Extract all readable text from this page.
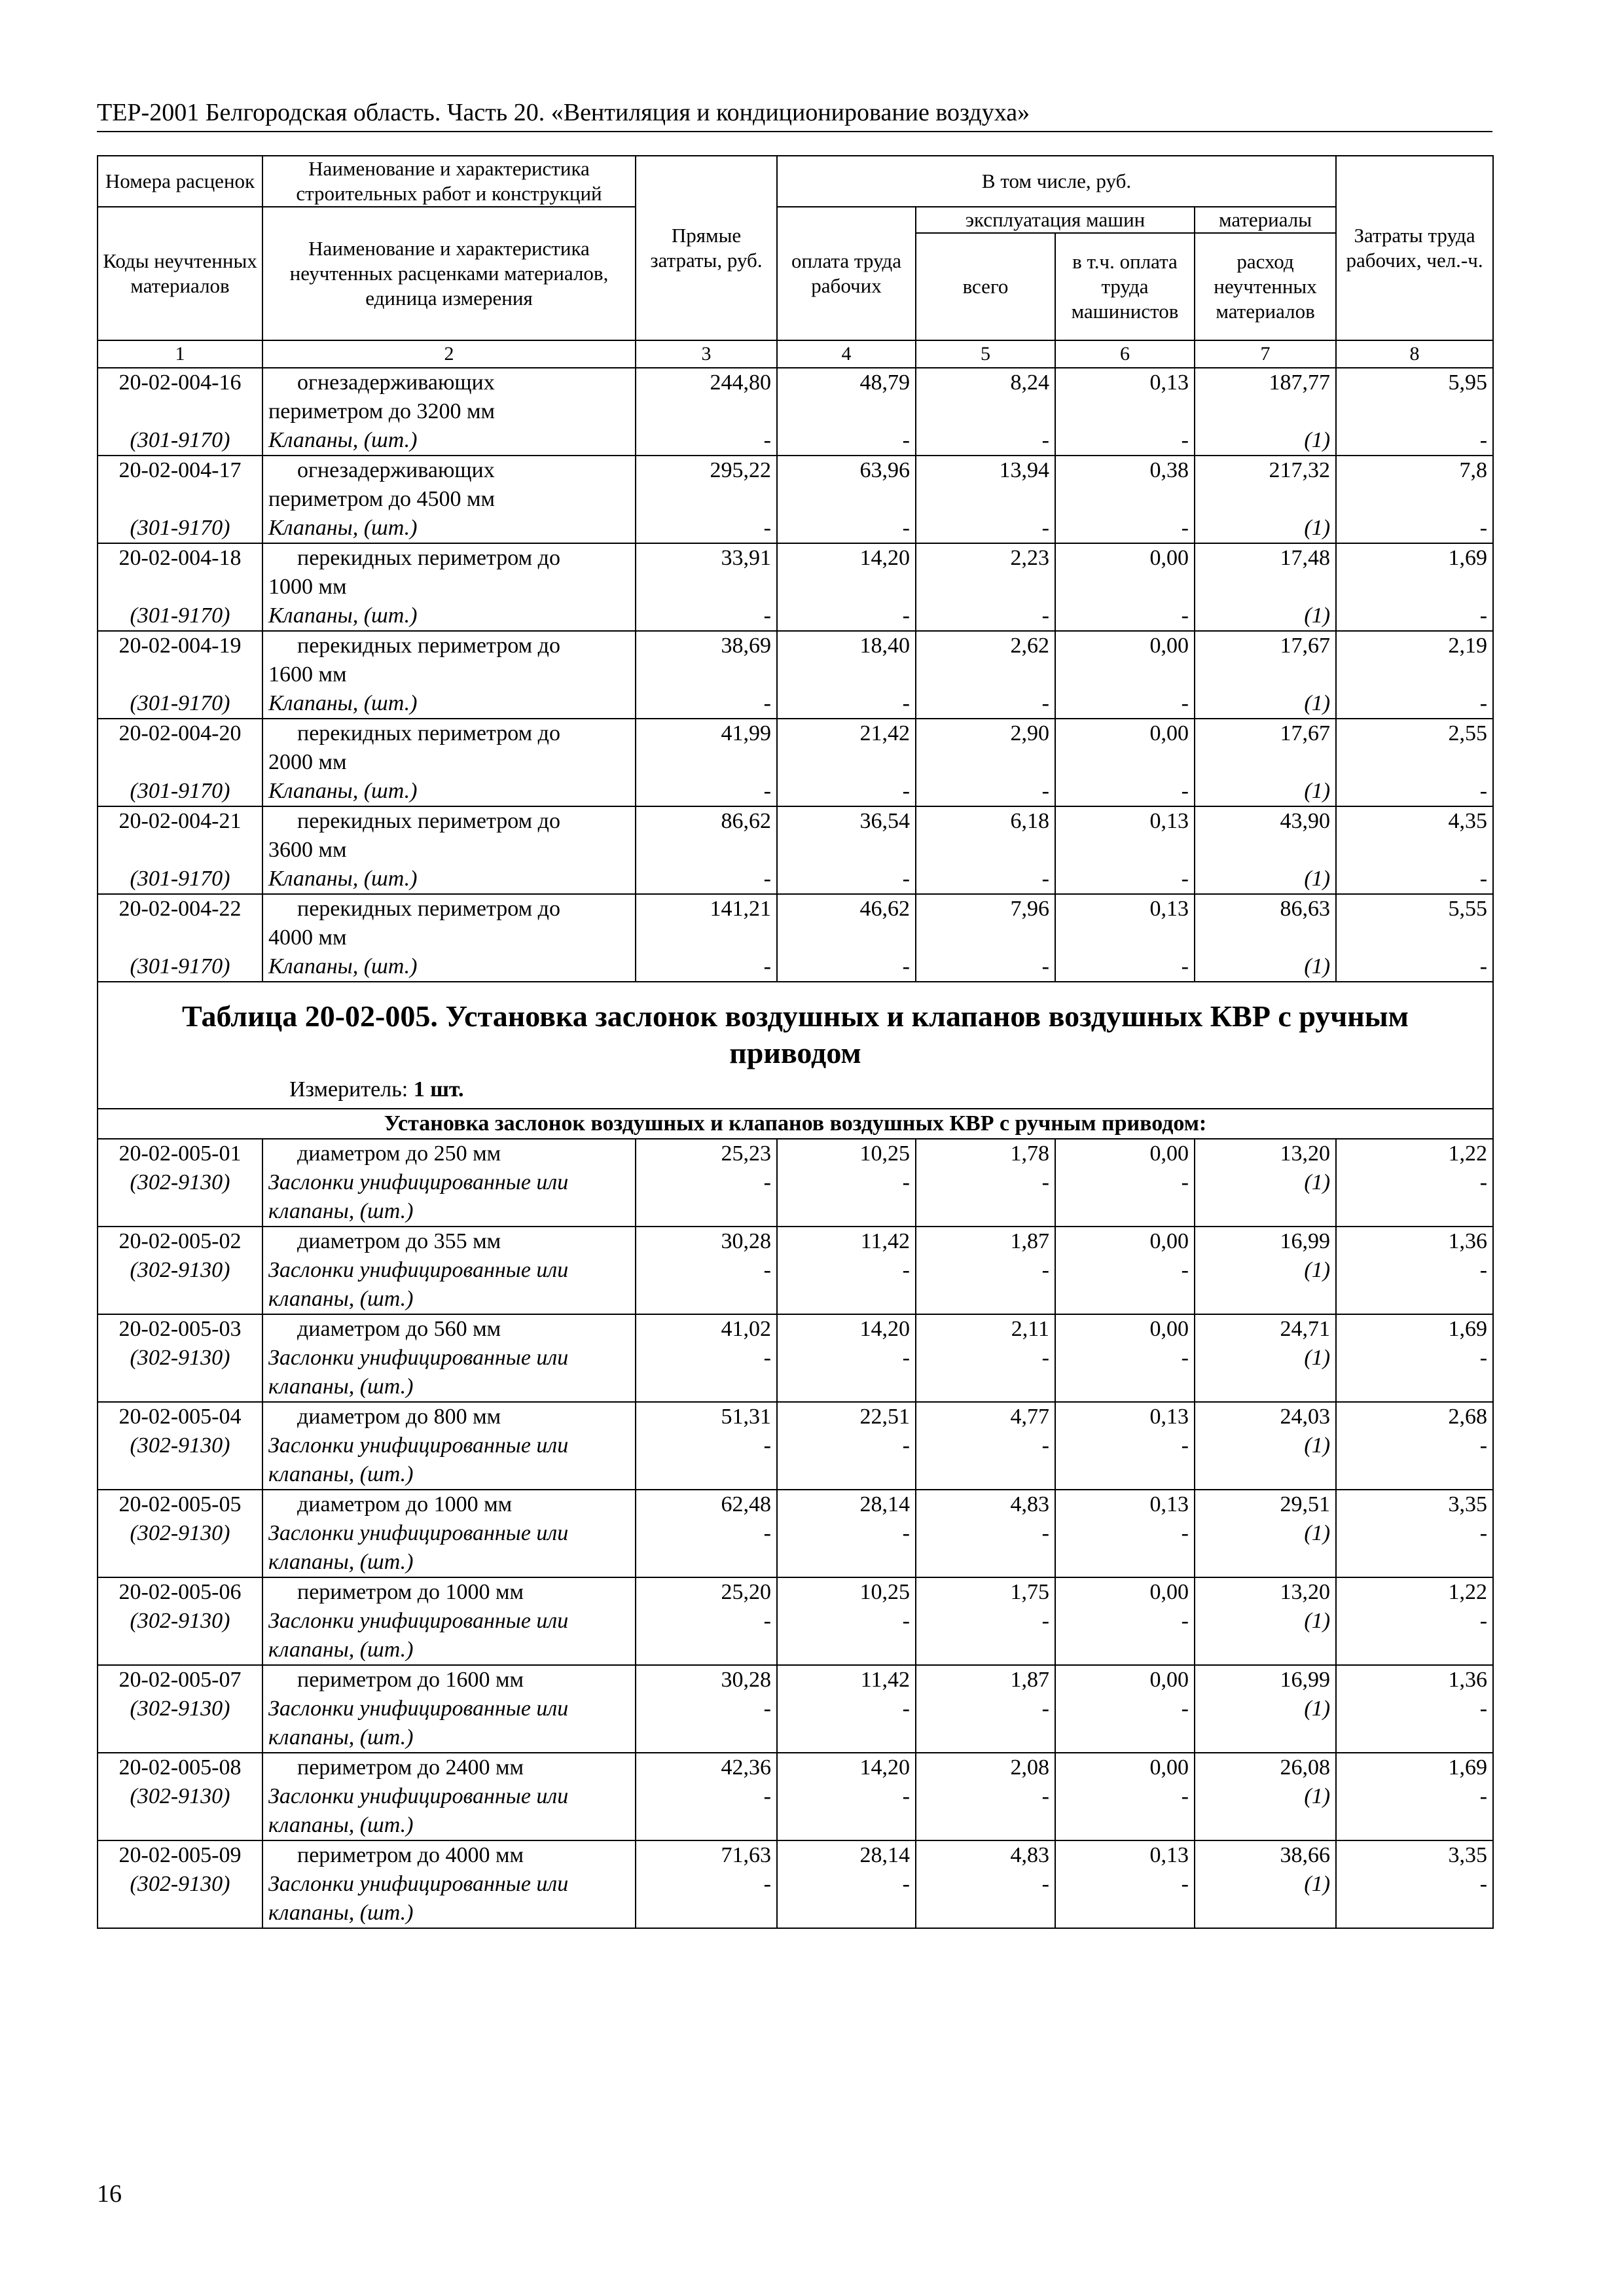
ТЕР-2001 Белгородская область. Часть 20. «Вентиляция и кондиционирование воздуха»
Номера расценок	Наименование и характеристика строительных работ и конструкций	Прямые затраты, руб.	В том числе, руб.				Затраты труда рабочих, чел.-ч.
Коды неучтенных материалов	Наименование и характеристика неучтенных расценками материалов, единица измерения		оплата труда рабочих	эксплуатация машин		материалы	
				всего	в т.ч. оплата труда машинистов	расход неучтенных материалов	
1	2	3	4	5	6	7	8
20-02-004-16	огнезадерживающих	244,80	48,79	8,24	0,13	187,77	5,95
	периметром до 3200 мм						
(301-9170)	Клапаны, (шт.)	-	-	-	-	(1)	-
20-02-004-17	огнезадерживающих	295,22	63,96	13,94	0,38	217,32	7,8
	периметром до 4500 мм						
(301-9170)	Клапаны, (шт.)	-	-	-	-	(1)	-
20-02-004-18	перекидных периметром до	33,91	14,20	2,23	0,00	17,48	1,69
	1000 мм						
(301-9170)	Клапаны, (шт.)	-	-	-	-	(1)	-
20-02-004-19	перекидных периметром до	38,69	18,40	2,62	0,00	17,67	2,19
	1600 мм						
(301-9170)	Клапаны, (шт.)	-	-	-	-	(1)	-
20-02-004-20	перекидных периметром до	41,99	21,42	2,90	0,00	17,67	2,55
	2000 мм						
(301-9170)	Клапаны, (шт.)	-	-	-	-	(1)	-
20-02-004-21	перекидных периметром до	86,62	36,54	6,18	0,13	43,90	4,35
	3600 мм						
(301-9170)	Клапаны, (шт.)	-	-	-	-	(1)	-
20-02-004-22	перекидных периметром до	141,21	46,62	7,96	0,13	86,63	5,55
	4000 мм						
(301-9170)	Клапаны, (шт.)	-	-	-	-	(1)	-

Таблица 20-02-005. Установка заслонок воздушных и клапанов воздушных КВР с ручным приводом
Измеритель: 1 шт.							

Установка заслонок воздушных и клапанов воздушных КВР с ручным приводом:							
20-02-005-01	диаметром до 250 мм	25,23	10,25	1,78	0,00	13,20	1,22
(302-9130)	Заслонки унифицированные или	-	-	-	-	(1)	-
	клапаны, (шт.)						
20-02-005-02	диаметром до 355 мм	30,28	11,42	1,87	0,00	16,99	1,36
(302-9130)	Заслонки унифицированные или	-	-	-	-	(1)	-
	клапаны, (шт.)						
20-02-005-03	диаметром до 560 мм	41,02	14,20	2,11	0,00	24,71	1,69
(302-9130)	Заслонки унифицированные или	-	-	-	-	(1)	-
	клапаны, (шт.)						
20-02-005-04	диаметром до 800 мм	51,31	22,51	4,77	0,13	24,03	2,68
(302-9130)	Заслонки унифицированные или	-	-	-	-	(1)	-
	клапаны, (шт.)						
20-02-005-05	диаметром до 1000 мм	62,48	28,14	4,83	0,13	29,51	3,35
(302-9130)	Заслонки унифицированные или	-	-	-	-	(1)	-
	клапаны, (шт.)						
20-02-005-06	периметром до 1000 мм	25,20	10,25	1,75	0,00	13,20	1,22
(302-9130)	Заслонки унифицированные или	-	-	-	-	(1)	-
	клапаны, (шт.)						
20-02-005-07	периметром до 1600 мм	30,28	11,42	1,87	0,00	16,99	1,36
(302-9130)	Заслонки унифицированные или	-	-	-	-	(1)	-
	клапаны, (шт.)						
20-02-005-08	периметром до 2400 мм	42,36	14,20	2,08	0,00	26,08	1,69
(302-9130)	Заслонки унифицированные или	-	-	-	-	(1)	-
	клапаны, (шт.)						
20-02-005-09	периметром до 4000 мм	71,63	28,14	4,83	0,13	38,66	3,35
(302-9130)	Заслонки унифицированные или	-	-	-	-	(1)	-
	клапаны, (шт.)						
16
